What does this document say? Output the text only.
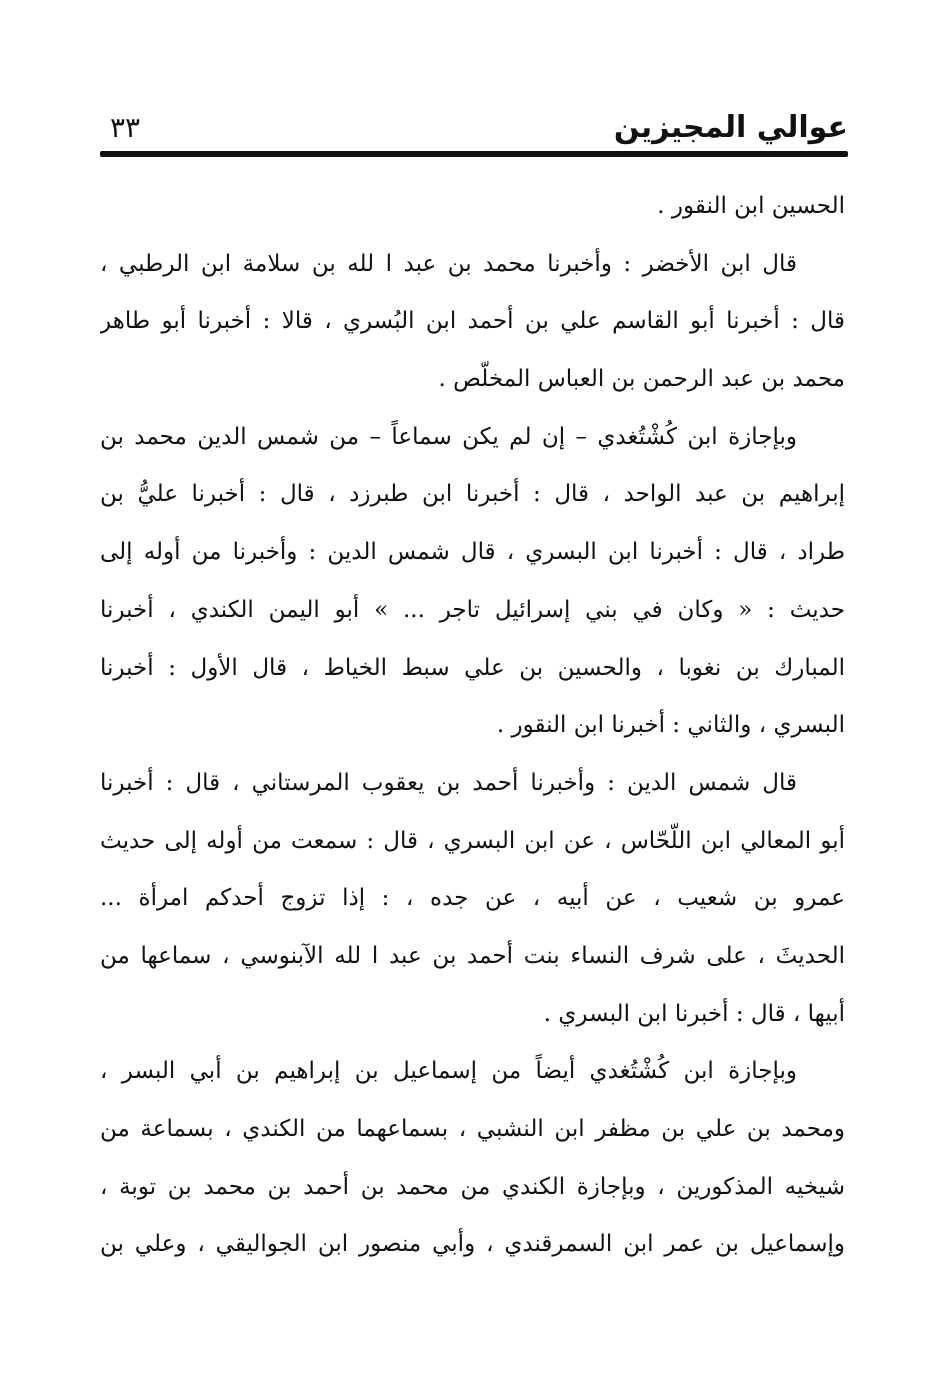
عوالي المجيزين
٣٣
الحسين ابن النقور .
قال ابن الأخضر : وأخبرنا محمد بن عبد ا لله بن سلامة ابن الرطبي ،
قال : أخبرنا أبو القاسم علي بن أحمد ابن البُسري ، قالا : أخبرنا أبو طاهر
محمد بن عبد الرحمن بن العباس المخلّص .
وبإجازة ابن كُشْتُغدي – إن لم يكن سماعاً – من شمس الدين محمد بن
إبراهيم بن عبد الواحد ، قال : أخبرنا ابن طبرزد ، قال : أخبرنا عليُّ بن
طراد ، قال : أخبرنا ابن البسري ، قال شمس الدين : وأخبرنا من أوله إلى
حديث : « وكان في بني إسرائيل تاجر ... » أبو اليمن الكندي ، أخبرنا
المبارك بن نغوبا ، والحسين بن علي سبط الخياط ، قال الأول : أخبرنا
البسري ، والثاني : أخبرنا ابن النقور .
قال شمس الدين : وأخبرنا أحمد بن يعقوب المرستاني ، قال : أخبرنا
أبو المعالي ابن اللّحّاس ، عن ابن البسري ، قال : سمعت من أوله إلى حديث
عمرو بن شعيب ، عن أبيه ، عن جده ، : إذا تزوج أحدكم امرأة ...
الحديثَ ، على شرف النساء بنت أحمد بن عبد ا لله الآبنوسي ، سماعها من
أبيها ، قال : أخبرنا ابن البسري .
وبإجازة ابن كُشْتُغدي أيضاً من إسماعيل بن إبراهيم بن أبي البسر ،
ومحمد بن علي بن مظفر ابن النشبي ، بسماعهما من الكندي ، بسماعة من
شيخيه المذكورين ، وبإجازة الكندي من محمد بن أحمد بن محمد بن توبة ،
وإسماعيل بن عمر ابن السمرقندي ، وأبي منصور ابن الجواليقي ، وعلي بن
